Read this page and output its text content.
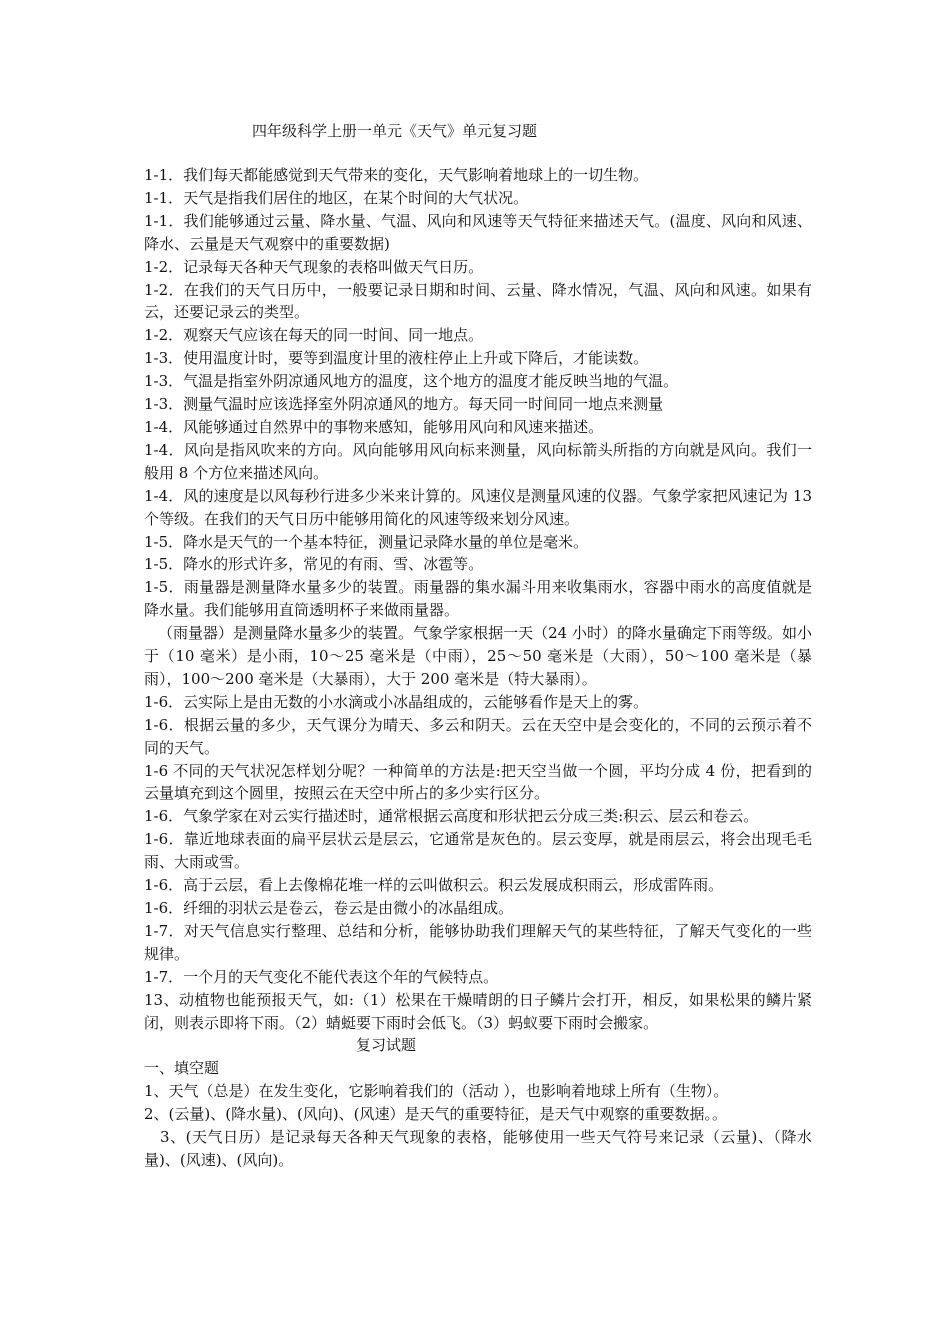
四年级科学上册一单元《天气》单元复习题

1-1．我们每天都能感觉到天气带来的变化，天气影响着地球上的一切生物。

1-1．天气是指我们居住的地区，在某个时间的大气状况。

1-1．我们能够通过云量、降水量、气温、风向和风速等天气特征来描述天气。(温度、风向和风速、降水、云量是天气观察中的重要数据)

1-2．记录每天各种天气现象的表格叫做天气日历。

1-2．在我们的天气日历中，一般要记录日期和时间、云量、降水情况，气温、风向和风速。如果有云，还要记录云的类型。

1-2．观察天气应该在每天的同一时间、同一地点。

1-3．使用温度计时，要等到温度计里的液柱停止上升或下降后，才能读数。

1-3．气温是指室外阴凉通风地方的温度，这个地方的温度才能反映当地的气温。

1-3．测量气温时应该选择室外阴凉通风的地方。每天同一时间同一地点来测量

1-4．风能够通过自然界中的事物来感知，能够用风向和风速来描述。

1-4．风向是指风吹来的方向。风向能够用风向标来测量，风向标箭头所指的方向就是风向。我们一般用 8 个方位来描述风向。

1-4．风的速度是以风每秒行进多少米来计算的。风速仪是测量风速的仪器。气象学家把风速记为 13 个等级。在我们的天气日历中能够用简化的风速等级来划分风速。

1-5．降水是天气的一个基本特征，测量记录降水量的单位是毫米。

1-5．降水的形式许多，常见的有雨、雪、冰雹等。

1-5．雨量器是测量降水量多少的装置。雨量器的集水漏斗用来收集雨水，容器中雨水的高度值就是降水量。我们能够用直筒透明杯子来做雨量器。

（雨量器）是测量降水量多少的装置。气象学家根据一天（24 小时）的降水量确定下雨等级。如小于（10 毫米）是小雨，10～25 毫米是（中雨），25～50 毫米是（大雨），50～100 毫米是（暴雨），100～200 毫米是（大暴雨），大于 200 毫米是（特大暴雨）。

1-6．云实际上是由无数的小水滴或小冰晶组成的，云能够看作是天上的雾。

1-6．根据云量的多少，天气课分为晴天、多云和阴天。云在天空中是会变化的，不同的云预示着不同的天气。

1-6 不同的天气状况怎样划分呢？一种简单的方法是:把天空当做一个圆，平均分成 4 份，把看到的云量填充到这个圆里，按照云在天空中所占的多少实行区分。

1-6．气象学家在对云实行描述时，通常根据云高度和形状把云分成三类:积云、层云和卷云。

1-6．靠近地球表面的扁平层状云是层云，它通常是灰色的。层云变厚，就是雨层云，将会出现毛毛雨、大雨或雪。

1-6．高于云层，看上去像棉花堆一样的云叫做积云。积云发展成积雨云，形成雷阵雨。

1-6．纤细的羽状云是卷云，卷云是由微小的冰晶组成。

1-7．对天气信息实行整理、总结和分析，能够协助我们理解天气的某些特征，了解天气变化的一些规律。

1-7．一个月的天气变化不能代表这个年的气候特点。

13、动植物也能预报天气，如:（1）松果在干燥晴朗的日子鳞片会打开，相反，如果松果的鳞片紧闭，则表示即将下雨。（2）蜻蜓要下雨时会低飞。（3）蚂蚁要下雨时会搬家。

复习试题

一、填空题

1、天气（总是）在发生变化，它影响着我们的（活动 ），也影响着地球上所有（生物）。

2、(云量)、(降水量)、(风向)、(风速）是天气的重要特征，是天气中观察的重要数据。。

3、(天气日历）是记录每天各种天气现象的表格，能够使用一些天气符号来记录（云量)、（降水量)、(风速)、(风向)。
